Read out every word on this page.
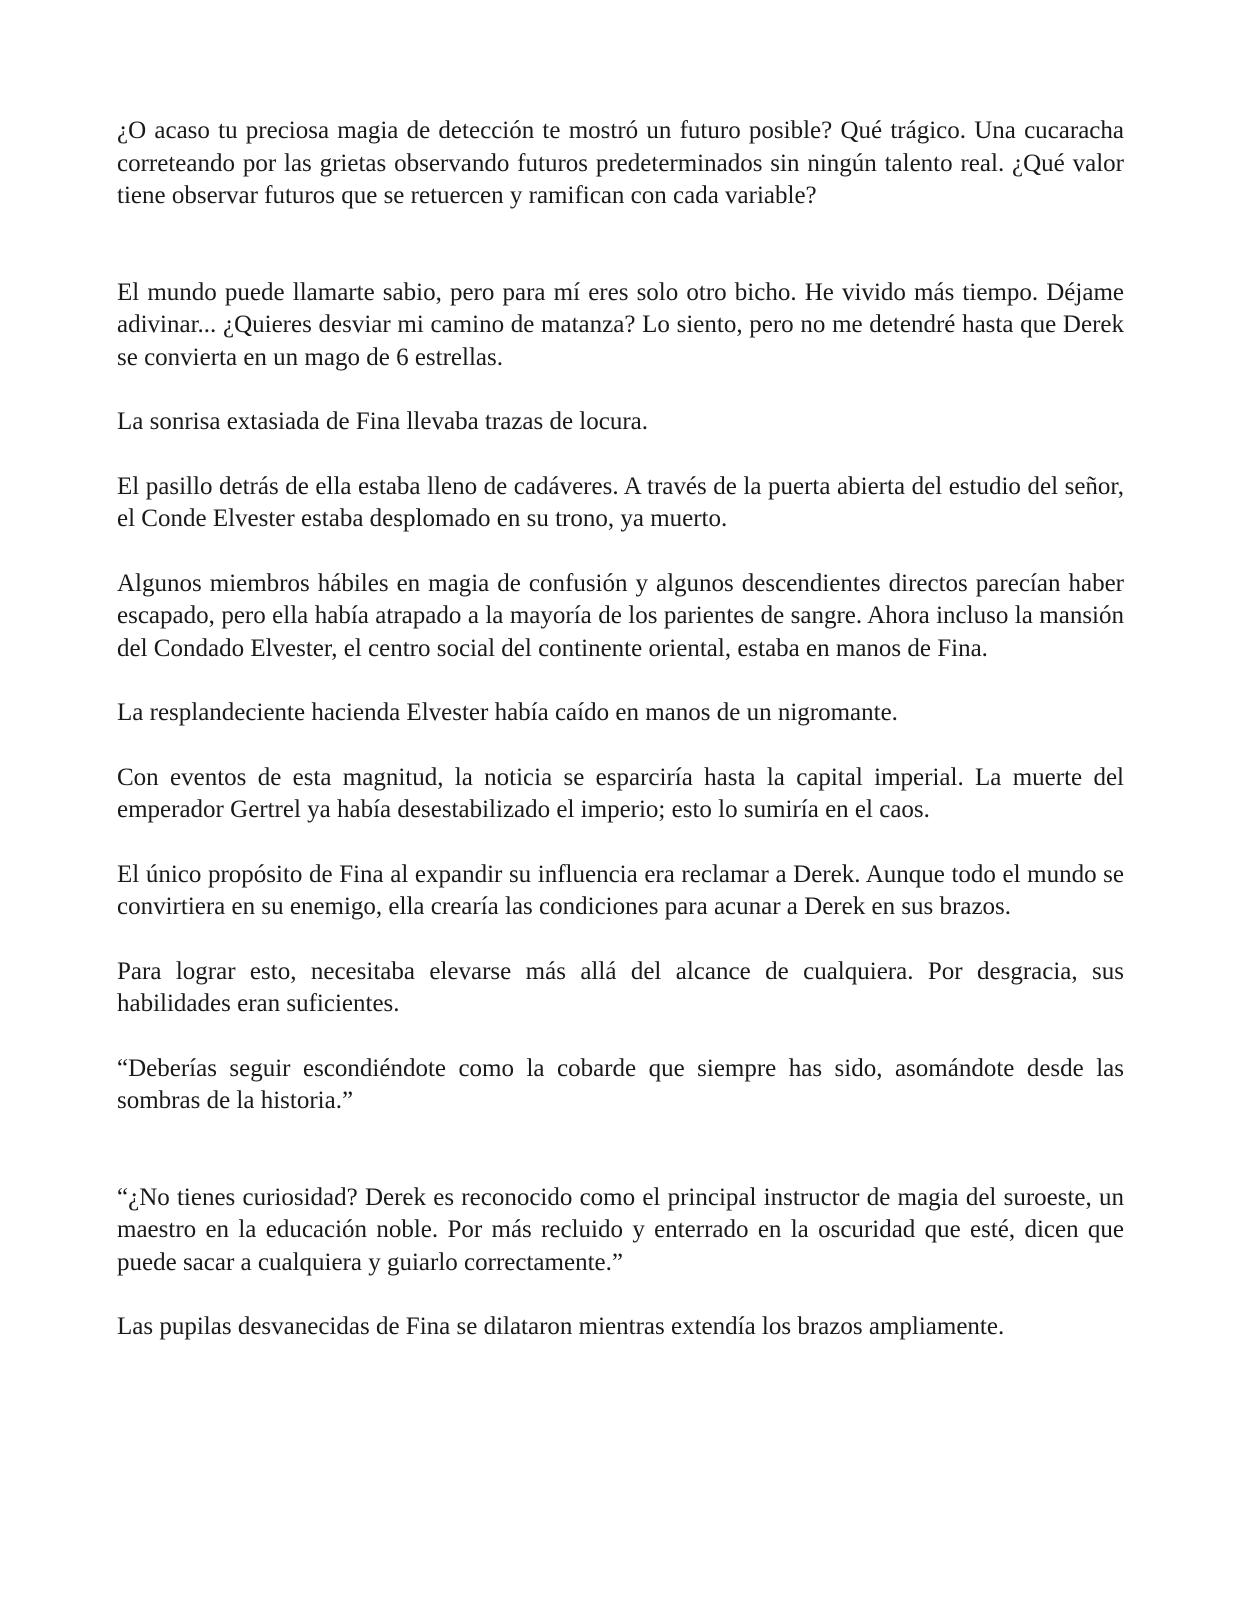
¿O acaso tu preciosa magia de detección te mostró un futuro posible? Qué trágico. Una cucaracha correteando por las grietas observando futuros predeterminados sin ningún talento real. ¿Qué valor tiene observar futuros que se retuercen y ramifican con cada variable?

El mundo puede llamarte sabio, pero para mí eres solo otro bicho. He vivido más tiempo. Déjame adivinar... ¿Quieres desviar mi camino de matanza? Lo siento, pero no me detendré hasta que Derek se convierta en un mago de 6 estrellas.

La sonrisa extasiada de Fina llevaba trazas de locura.

El pasillo detrás de ella estaba lleno de cadáveres. A través de la puerta abierta del estudio del señor, el Conde Elvester estaba desplomado en su trono, ya muerto.

Algunos miembros hábiles en magia de confusión y algunos descendientes directos parecían haber escapado, pero ella había atrapado a la mayoría de los parientes de sangre. Ahora incluso la mansión del Condado Elvester, el centro social del continente oriental, estaba en manos de Fina.

La resplandeciente hacienda Elvester había caído en manos de un nigromante.

Con eventos de esta magnitud, la noticia se esparciría hasta la capital imperial. La muerte del emperador Gertrel ya había desestabilizado el imperio; esto lo sumiría en el caos.

El único propósito de Fina al expandir su influencia era reclamar a Derek. Aunque todo el mundo se convirtiera en su enemigo, ella crearía las condiciones para acunar a Derek en sus brazos.

Para lograr esto, necesitaba elevarse más allá del alcance de cualquiera. Por desgracia, sus habilidades eran suficientes.

“Deberías seguir escondiéndote como la cobarde que siempre has sido, asomándote desde las sombras de la historia.”

“¿No tienes curiosidad? Derek es reconocido como el principal instructor de magia del suroeste, un maestro en la educación noble. Por más recluido y enterrado en la oscuridad que esté, dicen que puede sacar a cualquiera y guiarlo correctamente.”

Las pupilas desvanecidas de Fina se dilataron mientras extendía los brazos ampliamente.
